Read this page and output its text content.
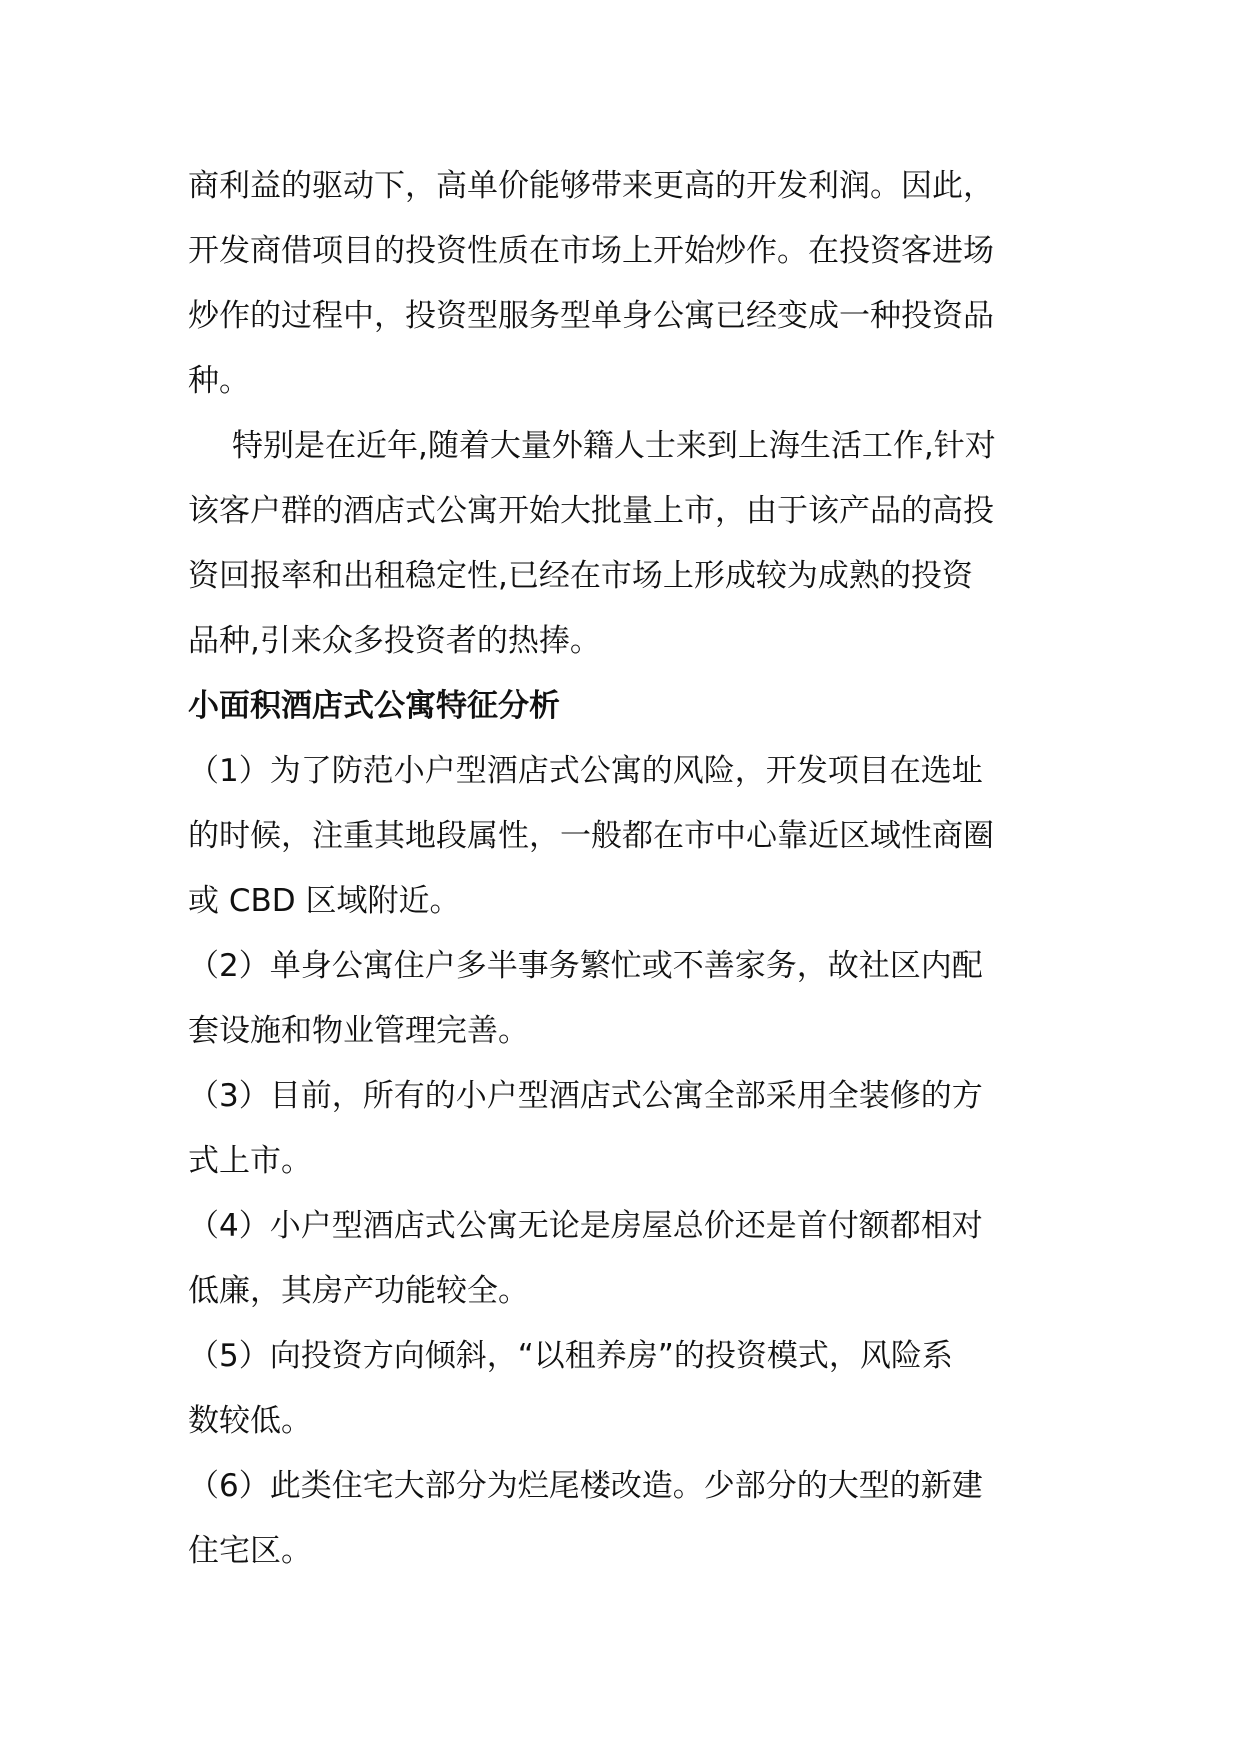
商利益的驱动下，高单价能够带来更高的开发利润。因此，
开发商借项目的投资性质在市场上开始炒作。在投资客进场
炒作的过程中，投资型服务型单身公寓已经变成一种投资品
种。
特别是在近年,随着大量外籍人士来到上海生活工作,针对
该客户群的酒店式公寓开始大批量上市，由于该产品的高投
资回报率和出租稳定性,已经在市场上形成较为成熟的投资
品种,引来众多投资者的热捧。
小面积酒店式公寓特征分析
（1）为了防范小户型酒店式公寓的风险，开发项目在选址
的时候，注重其地段属性，一般都在市中心靠近区域性商圈
或 CBD 区域附近。
（2）单身公寓住户多半事务繁忙或不善家务，故社区内配
套设施和物业管理完善。
（3）目前，所有的小户型酒店式公寓全部采用全装修的方
式上市。
（4）小户型酒店式公寓无论是房屋总价还是首付额都相对
低廉，其房产功能较全。
（5）向投资方向倾斜，“以租养房”的投资模式，风险系
数较低。
（6）此类住宅大部分为烂尾楼改造。少部分的大型的新建
住宅区。
